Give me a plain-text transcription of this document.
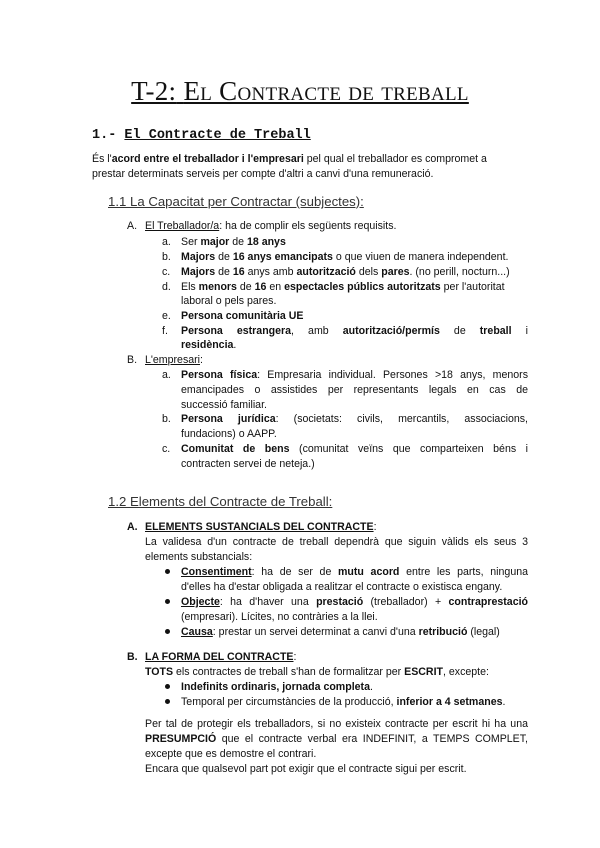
T-2: El Contracte de treball
1.- El Contracte de Treball
És l'acord entre el treballador i l'empresari pel qual el treballador es compromet a
prestar determinats serveis per compte d'altri a canvi d'una remuneració.
1.1 La Capacitat per Contractar (subjectes):
A. El Treballador/a: ha de complir els següents requisits.
a. Ser major de 18 anys
b. Majors de 16 anys emancipats o que viuen de manera independent.
c. Majors de 16 anys amb autorització dels pares. (no perill, nocturn...)
d. Els menors de 16 en espectacles públics autoritzats per l'autoritat
laboral o pels pares.
e. Persona comunitària UE
f. Persona estrangera, amb autorització/permís de treball i
residència.
B. L'empresari:
a. Persona física: Empresaria individual. Persones >18 anys, menors
emancipades o assistides per representants legals en cas de
successió familiar.
b. Persona jurídica: (societats: civils, mercantils, associacions,
fundacions) o AAPP.
c. Comunitat de bens (comunitat veïns que comparteixen béns i
contracten servei de neteja.)
1.2 Elements del Contracte de Treball:
A. ELEMENTS SUSTANCIALS DEL CONTRACTE:
La validesa d'un contracte de treball dependrà que siguin vàlids els seus 3
elements substancials:
Consentiment: ha de ser de mutu acord entre les parts, ninguna
d'elles ha d'estar obligada a realitzar el contracte o existisca engany.
Objecte: ha d'haver una prestació (treballador) + contraprestació
(empresari). Lícites, no contràries a la llei.
Causa: prestar un servei determinat a canvi d'una retribució (legal)
B. LA FORMA DEL CONTRACTE:
TOTS els contractes de treball s'han de formalitzar per ESCRIT, excepte:
Indefinits ordinaris, jornada completa.
Temporal per circumstàncies de la producció, inferior a 4 setmanes.
Per tal de protegir els treballadors, si no existeix contracte per escrit hi ha una
PRESUMPCIÓ que el contracte verbal era INDEFINIT, a TEMPS COMPLET,
excepte que es demostre el contrari.
Encara que qualsevol part pot exigir que el contracte sigui per escrit.
